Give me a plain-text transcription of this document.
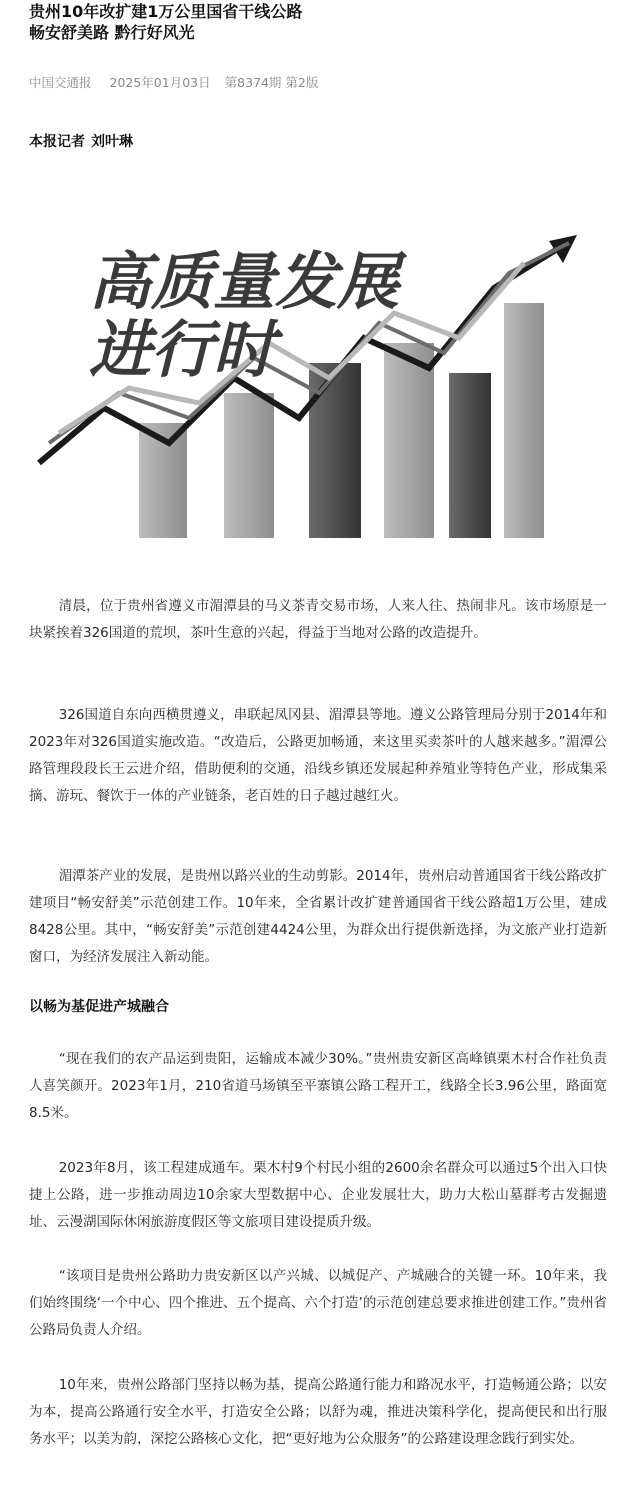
贵州10年改扩建1万公里国省干线公路
畅安舒美路 黔行好风光
中国交通报 2025年01月03日 第8374期 第2版
本报记者 刘叶琳
高质量发展
进行时
清晨，位于贵州省遵义市湄潭县的马义茶青交易市场，人来人往、热闹非凡。该市场原是一块紧挨着326国道的荒坝，茶叶生意的兴起，得益于当地对公路的改造提升。
326国道自东向西横贯遵义，串联起凤冈县、湄潭县等地。遵义公路管理局分别于2014年和2023年对326国道实施改造。“改造后，公路更加畅通，来这里买卖茶叶的人越来越多。”湄潭公路管理段段长王云进介绍，借助便利的交通，沿线乡镇还发展起种养殖业等特色产业，形成集采摘、游玩、餐饮于一体的产业链条，老百姓的日子越过越红火。
湄潭茶产业的发展，是贵州以路兴业的生动剪影。2014年，贵州启动普通国省干线公路改扩建项目“畅安舒美”示范创建工作。10年来，全省累计改扩建普通国省干线公路超1万公里，建成8428公里。其中，“畅安舒美”示范创建4424公里，为群众出行提供新选择，为文旅产业打造新窗口，为经济发展注入新动能。
以畅为基促进产城融合
“现在我们的农产品运到贵阳，运输成本减少30%。”贵州贵安新区高峰镇栗木村合作社负责人喜笑颜开。2023年1月，210省道马场镇至平寨镇公路工程开工，线路全长3.96公里，路面宽8.5米。
2023年8月，该工程建成通车。栗木村9个村民小组的2600余名群众可以通过5个出入口快捷上公路，进一步推动周边10余家大型数据中心、企业发展壮大，助力大松山墓群考古发掘遗址、云漫湖国际休闲旅游度假区等文旅项目建设提质升级。
“该项目是贵州公路助力贵安新区以产兴城、以城促产、产城融合的关键一环。10年来，我们始终围绕‘一个中心、四个推进、五个提高、六个打造’的示范创建总要求推进创建工作。”贵州省公路局负责人介绍。
10年来，贵州公路部门坚持以畅为基，提高公路通行能力和路况水平，打造畅通公路；以安为本，提高公路通行安全水平，打造安全公路；以舒为魂，推进决策科学化，提高便民和出行服务水平；以美为韵，深挖公路核心文化，把“更好地为公众服务”的公路建设理念践行到实处。
